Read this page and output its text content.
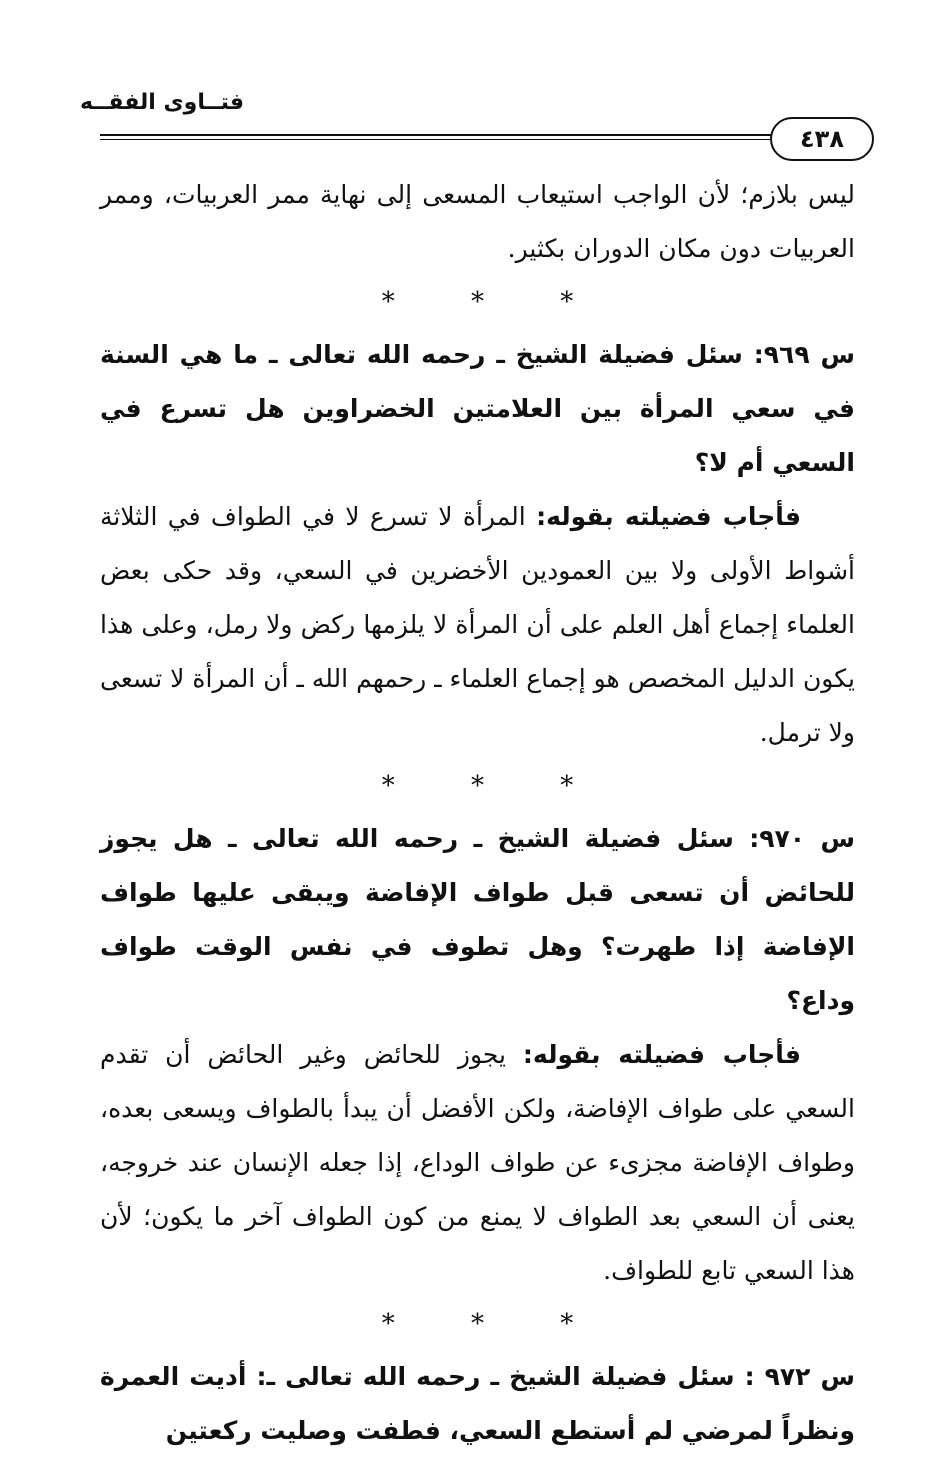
فتــاوى الفقــه
٤٣٨

ليس بلازم؛ لأن الواجب استيعاب المسعى إلى نهاية ممر العربيات، وممر العربيات دون مكان الدوران بكثير.

* * *

س ٩٦٩: سئل فضيلة الشيخ ـ رحمه الله تعالى ـ ما هي السنة في سعي المرأة بين العلامتين الخضراوين هل تسرع في السعي أم لا؟

فأجاب فضيلته بقوله: المرأة لا تسرع لا في الطواف في الثلاثة أشواط الأولى ولا بين العمودين الأخضرين في السعي، وقد حكى بعض العلماء إجماع أهل العلم على أن المرأة لا يلزمها ركض ولا رمل، وعلى هذا يكون الدليل المخصص هو إجماع العلماء ـ رحمهم الله ـ أن المرأة لا تسعى ولا ترمل.

* * *

س ٩٧٠: سئل فضيلة الشيخ ـ رحمه الله تعالى ـ هل يجوز للحائض أن تسعى قبل طواف الإفاضة ويبقى عليها طواف الإفاضة إذا طهرت؟ وهل تطوف في نفس الوقت طواف وداع؟

فأجاب فضيلته بقوله: يجوز للحائض وغير الحائض أن تقدم السعي على طواف الإفاضة، ولكن الأفضل أن يبدأ بالطواف ويسعى بعده، وطواف الإفاضة مجزىء عن طواف الوداع، إذا جعله الإنسان عند خروجه، يعنى أن السعي بعد الطواف لا يمنع من كون الطواف آخر ما يكون؛ لأن هذا السعي تابع للطواف.

* * *

س ٩٧٢ : سئل فضيلة الشيخ ـ رحمه الله تعالى ـ: أديت العمرة ونظراً لمرضي لم أستطع السعي، فطفت وصليت ركعتين
